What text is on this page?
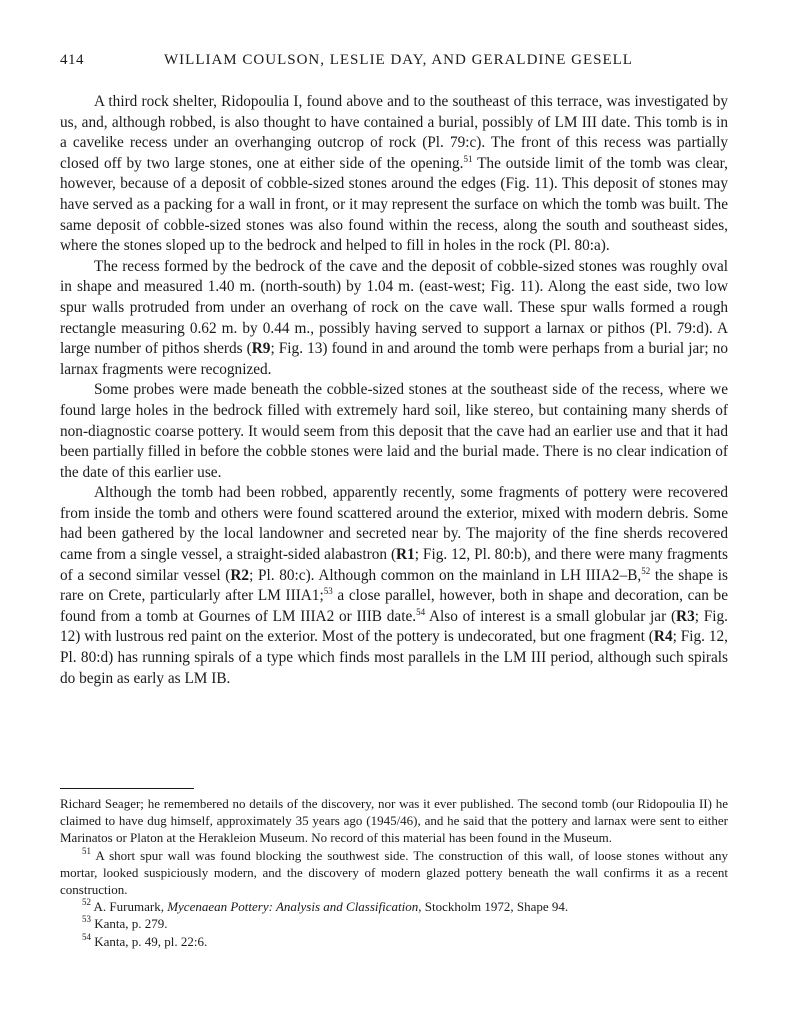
414	WILLIAM COULSON, LESLIE DAY, AND GERALDINE GESELL

A third rock shelter, Ridopoulia I, found above and to the southeast of this terrace, was investigated by us, and, although robbed, is also thought to have contained a burial, possibly of LM III date. This tomb is in a cavelike recess under an overhanging outcrop of rock (Pl. 79:c). The front of this recess was partially closed off by two large stones, one at either side of the opening.$^{51}$ The outside limit of the tomb was clear, however, because of a deposit of cobble-sized stones around the edges (Fig. 11). This deposit of stones may have served as a packing for a wall in front, or it may represent the surface on which the tomb was built. The same deposit of cobble-sized stones was also found within the recess, along the south and southeast sides, where the stones sloped up to the bedrock and helped to fill in holes in the rock (Pl. 80:a).

The recess formed by the bedrock of the cave and the deposit of cobble-sized stones was roughly oval in shape and measured 1.40 m. (north-south) by 1.04 m. (east-west; Fig. 11). Along the east side, two low spur walls protruded from under an overhang of rock on the cave wall. These spur walls formed a rough rectangle measuring 0.62 m. by 0.44 m., possibly having served to support a larnax or pithos (Pl. 79:d). A large number of pithos sherds (R9; Fig. 13) found in and around the tomb were perhaps from a burial jar; no larnax fragments were recognized.

Some probes were made beneath the cobble-sized stones at the southeast side of the recess, where we found large holes in the bedrock filled with extremely hard soil, like stereo, but containing many sherds of non-diagnostic coarse pottery. It would seem from this deposit that the cave had an earlier use and that it had been partially filled in before the cobble stones were laid and the burial made. There is no clear indication of the date of this earlier use.

Although the tomb had been robbed, apparently recently, some fragments of pottery were recovered from inside the tomb and others were found scattered around the exterior, mixed with modern debris. Some had been gathered by the local landowner and secreted near by. The majority of the fine sherds recovered came from a single vessel, a straight-sided alabastron (R1; Fig. 12, Pl. 80:b), and there were many fragments of a second similar vessel (R2; Pl. 80:c). Although common on the mainland in LH IIIA2–B,$^{52}$ the shape is rare on Crete, particularly after LM IIIA1;$^{53}$ a close parallel, however, both in shape and decoration, can be found from a tomb at Gournes of LM IIIA2 or IIIB date.$^{54}$ Also of interest is a small globular jar (R3; Fig. 12) with lustrous red paint on the exterior. Most of the pottery is undecorated, but one fragment (R4; Fig. 12, Pl. 80:d) has running spirals of a type which finds most parallels in the LM III period, although such spirals do begin as early as LM IB.

Richard Seager; he remembered no details of the discovery, nor was it ever published. The second tomb (our Ridopoulia II) he claimed to have dug himself, approximately 35 years ago (1945/46), and he said that the pottery and larnax were sent to either Marinatos or Platon at the Herakleion Museum. No record of this material has been found in the Museum.

$^{51}$ A short spur wall was found blocking the southwest side. The construction of this wall, of loose stones without any mortar, looked suspiciously modern, and the discovery of modern glazed pottery beneath the wall confirms it as a recent construction.

$^{52}$ A. Furumark, Mycenaean Pottery: Analysis and Classification, Stockholm 1972, Shape 94.

$^{53}$ Kanta, p. 279.

$^{54}$ Kanta, p. 49, pl. 22:6.
